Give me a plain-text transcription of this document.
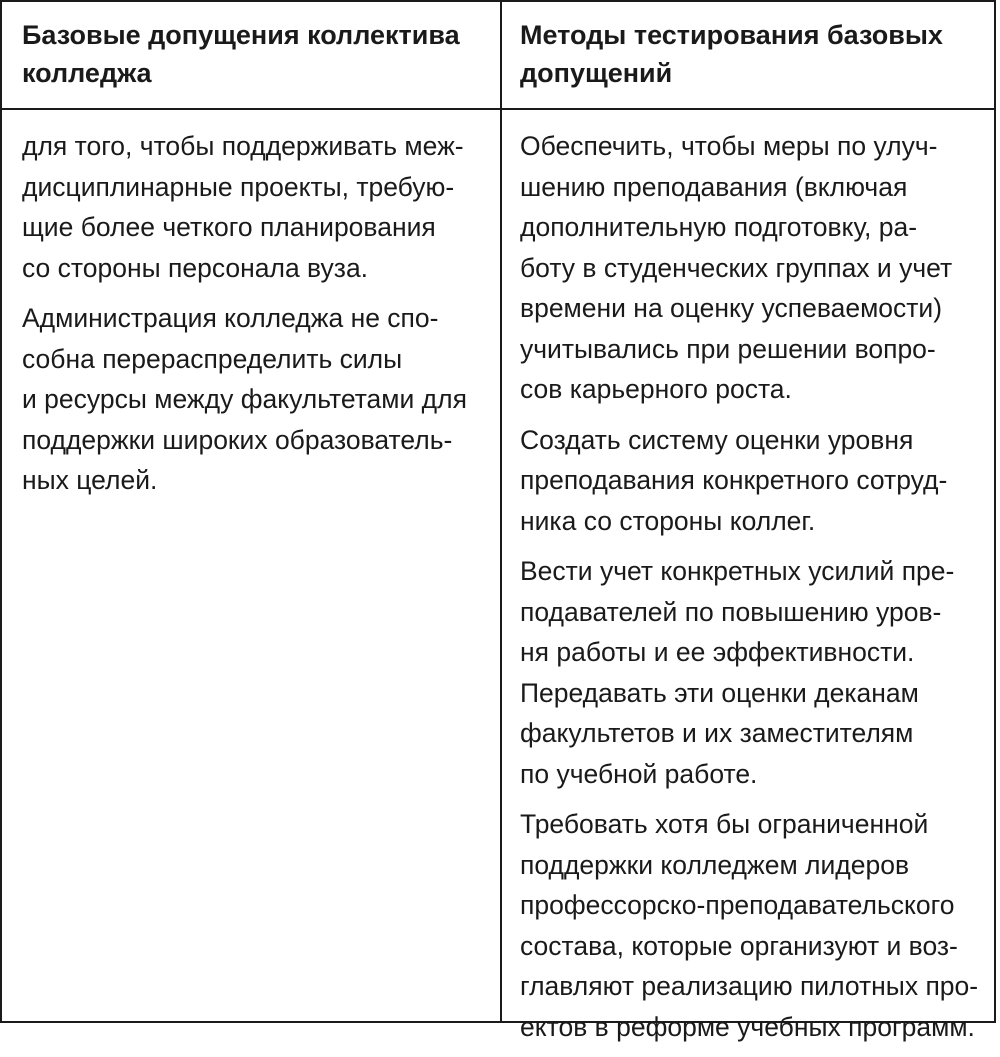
Базовые допущения коллектива
колледжа
Методы тестирования базовых
допущений
для того, чтобы поддерживать меж-
дисциплинарные проекты, требую-
щие более четкого планирования
со стороны персонала вуза.
Администрация колледжа не спо-
собна перераспределить силы
и ресурсы между факультетами для
поддержки широких образователь-
ных целей.
Обеспечить, чтобы меры по улуч-
шению преподавания (включая
дополнительную подготовку, ра-
боту в студенческих группах и учет
времени на оценку успеваемости)
учитывались при решении вопро-
сов карьерного роста.
Создать систему оценки уровня
преподавания конкретного сотруд-
ника со стороны коллег.
Вести учет конкретных усилий пре-
подавателей по повышению уров-
ня работы и ее эффективности.
Передавать эти оценки деканам
факультетов и их заместителям
по учебной работе.
Требовать хотя бы ограниченной
поддержки колледжем лидеров
профессорско-преподавательского
состава, которые организуют и воз-
главляют реализацию пилотных про-
ектов в реформе учебных программ.
